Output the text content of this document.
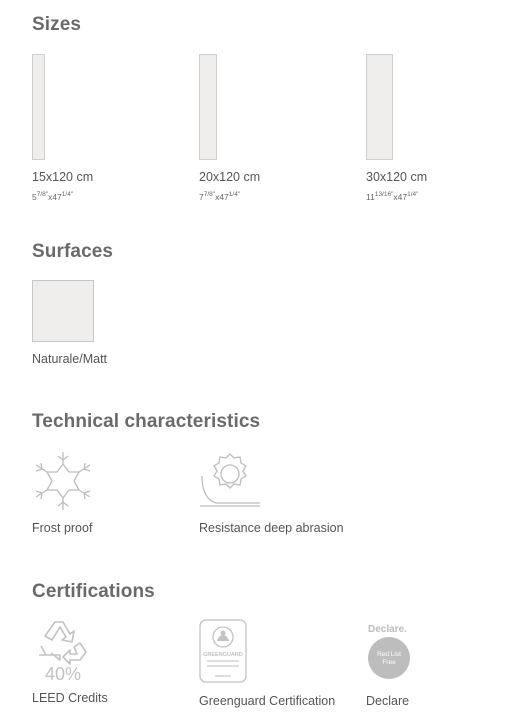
Sizes
15x120 cm
$5^{7/8"}x47^{1/4"}$
20x120 cm
$7^{7/8"}x47^{1/4"}$
30x120 cm
$11^{13/16"}x47^{1/4"}$
Surfaces
Naturale/Matt
Technical characteristics
Frost proof	Resistance deep abrasion
Certifications
40%
LEED Credits
GREENGUARD
Greenguard Certification
Declare.
Red List
Free
Declare
